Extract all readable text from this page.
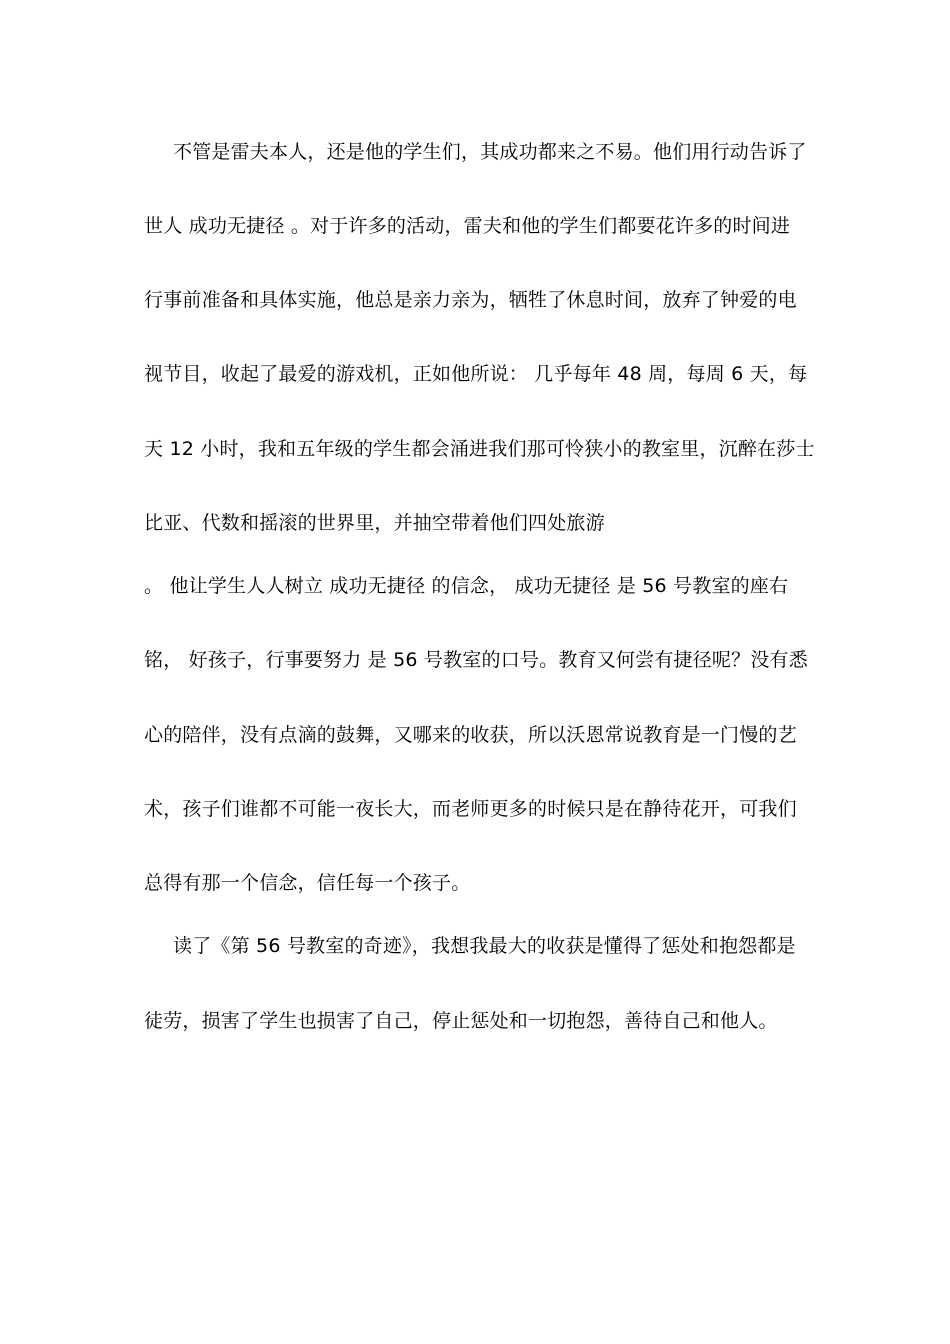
不管是雷夫本人，还是他的学生们，其成功都来之不易。他们用行动告诉了
世人 成功无捷径 。对于许多的活动，雷夫和他的学生们都要花许多的时间进
行事前准备和具体实施，他总是亲力亲为，牺牲了休息时间，放弃了钟爱的电
视节目，收起了最爱的游戏机，正如他所说： 几乎每年 48 周，每周 6 天，每
天 12 小时，我和五年级的学生都会涌进我们那可怜狭小的教室里，沉醉在莎士
比亚、代数和摇滚的世界里，并抽空带着他们四处旅游
。 他让学生人人树立 成功无捷径 的信念， 成功无捷径 是 56 号教室的座右
铭， 好孩子，行事要努力 是 56 号教室的口号。教育又何尝有捷径呢？没有悉
心的陪伴，没有点滴的鼓舞，又哪来的收获，所以沃恩常说教育是一门慢的艺
术，孩子们谁都不可能一夜长大，而老师更多的时候只是在静待花开，可我们
总得有那一个信念，信任每一个孩子。
读了《第 56 号教室的奇迹》，我想我最大的收获是懂得了惩处和抱怨都是
徒劳，损害了学生也损害了自己，停止惩处和一切抱怨，善待自己和他人。
